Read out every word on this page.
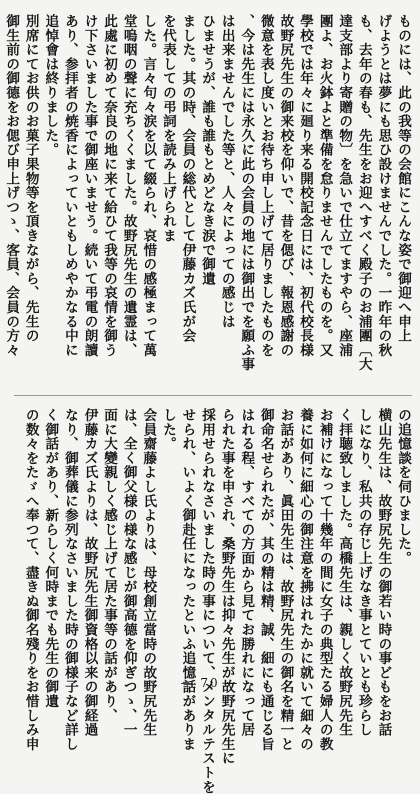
ものには、此の我等の会館にこんな姿で御迎へ申上
げようとは夢にも思ひ設けませんでした。一昨年の秋
も、去年の春も、先生をお迎へすべく殿子のお浦團〔大
達支部より寄贈の物〕を急いで仕立てますやら、座浦
團よ、お火鉢よと準備を怠りませんでしたものを。又
學校では年々に廻り来る開校記念日には、初代校長様
故野尻先生の御来校を仰いで、昔を偲び、報恩感謝の
微意を表し度いとお待ち申し上げて居りましたものを
、今は先生には永久に此の会員の地には御出でを願ふ事
は出来ませんでした等と、人々によっての感じは
ひませうが、誰も誰もとめどなき涙で御遺
ました。其の時、会員の総代として伊藤カズ氏が会
を代表しての弔詞を読み上げられま
した。言々句々涙を以て綴られ、哀惜の感極まって萬
堂嗚咽の聲に充ちくくました。故野尻先生の遺霊は、
此處に初めて奈良の地に来て給ひて我等の哀情を御う
け下さいました事で御座いませう。続いて弔電の朗讀
あり、参拝者の焼香によっていともしめやかなる中に
追悼會は終りました。
別席にてお供のお菓子果物等を頂きながら、先生の
御生前の御德をお偲び申上げつゝ、客員、会員の方々
の追憶談を伺ひました。
横山先生は、故野尻先生の御若い時の事どもをお話
しになり、私共の存じ上げなき事とていとも珍らし
く拝聴致しました。高橋先生は、親しく故野尻先生
お補けになって十幾年の間に女子の典型たる婦人の教
養に如何に細心の御注意を拂はれたかに就いて細々の
お話があり、眞田先生は、故野尻先生の御名を精一と
御命名せられたが、其の精は精、誠、細にも通じる旨
はれる程、すべての方面から見てお勝れになって居
られた事を申され、桑野先生は抑々先生が故野尻先生に
採用せられなさいました時の事について、メンタルテストを
せられ、いよく御赴任になったといふ追憶話がありま
した。
会員齋藤よし氏よりは、母校創立當時の故野尻先生
は、全く御父様の様な感じが御高德を仰ぎつゝ、一
面に大變親しく感じ上げて居た事等の話があり、
伊藤カズ氏よりは、故野尻先生御資格以来の御経過
なり、御葬儀に参列なさいました時の御様子など詳し
く御話があり、新らしく何時までも先生の御遺
の数々をたゞへ奉つて、盡きぬ御名殘りをお惜しみ申	— 70 —
